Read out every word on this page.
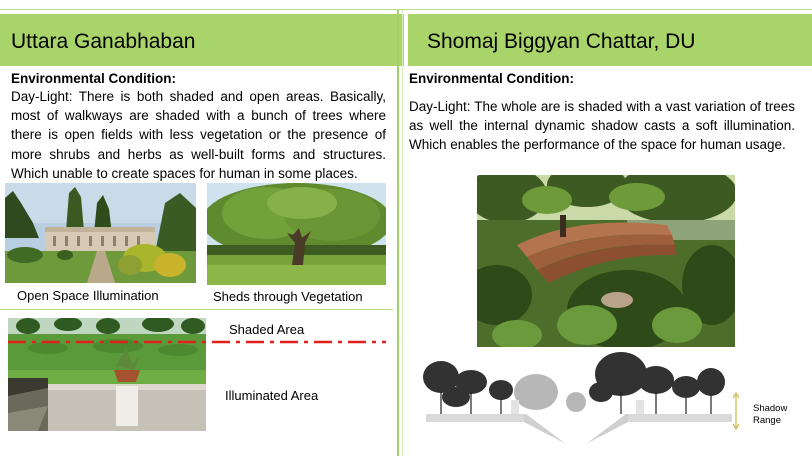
Uttara Ganabhaban	Shomaj Biggyan Chattar, DU
Environmental Condition:
Day-Light: There is both shaded and open areas. Basically, most of walkways are shaded with a bunch of trees where there is open fields with less vegetation or the presence of more shrubs and herbs as well-built forms and structures. Which unable to create spaces for human in some places.
Environmental Condition:
Day-Light: The whole are is shaded with a vast variation of trees as well the internal dynamic shadow casts a soft illumination. Which enables the performance of the space for human usage.
Open Space Illumination	Sheds through Vegetation
Shaded Area
Illuminated Area
Shadow
Range
